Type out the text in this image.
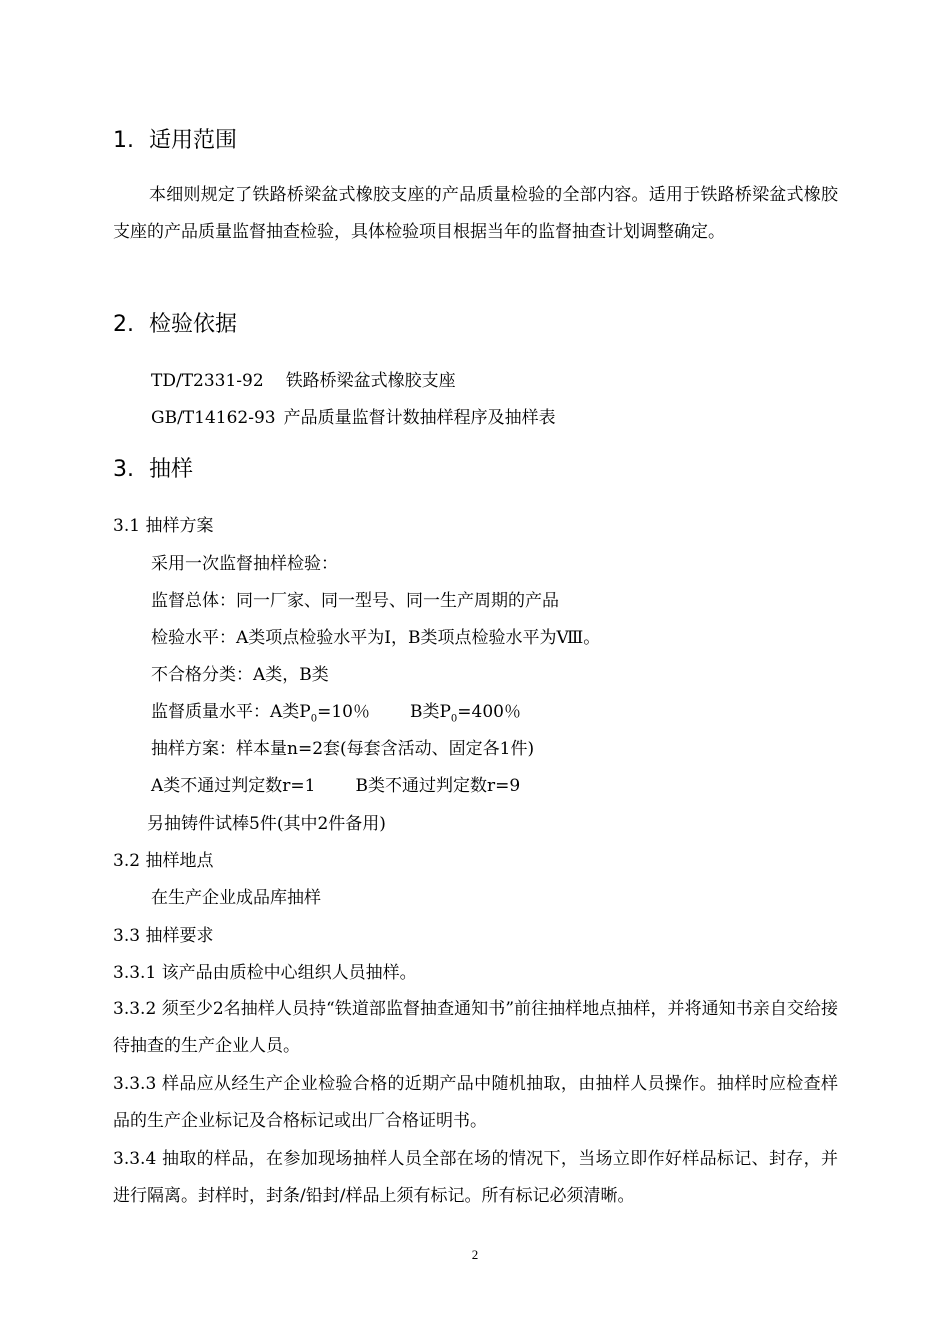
1. 适用范围
本细则规定了铁路桥梁盆式橡胶支座的产品质量检验的全部内容。适用于铁路桥梁盆式橡胶支座的产品质量监督抽查检验，具体检验项目根据当年的监督抽查计划调整确定。
2. 检验依据
TD/T2331-92 铁路桥梁盆式橡胶支座
GB/T14162-93 产品质量监督计数抽样程序及抽样表
3. 抽样
3.1 抽样方案
采用一次监督抽样检验：
监督总体：同一厂家、同一型号、同一生产周期的产品
检验水平：A类项点检验水平为Ⅰ，B类项点检验水平为Ⅷ。
不合格分类：A类，B类
监督质量水平：A类$P_0=10$％ B类$P_0=400$％
抽样方案：样本量n=2套(每套含活动、固定各1件)
A类不通过判定数r=1 B类不通过判定数r=9
另抽铸件试棒5件(其中2件备用)
3.2 抽样地点
在生产企业成品库抽样
3.3 抽样要求
3.3.1 该产品由质检中心组织人员抽样。
3.3.2 须至少2名抽样人员持“铁道部监督抽查通知书”前往抽样地点抽样，并将通知书亲自交给接待抽查的生产企业人员。
3.3.3 样品应从经生产企业检验合格的近期产品中随机抽取，由抽样人员操作。抽样时应检查样品的生产企业标记及合格标记或出厂合格证明书。
3.3.4 抽取的样品，在参加现场抽样人员全部在场的情况下，当场立即作好样品标记、封存，并进行隔离。封样时，封条/铅封/样品上须有标记。所有标记必须清晰。
2
